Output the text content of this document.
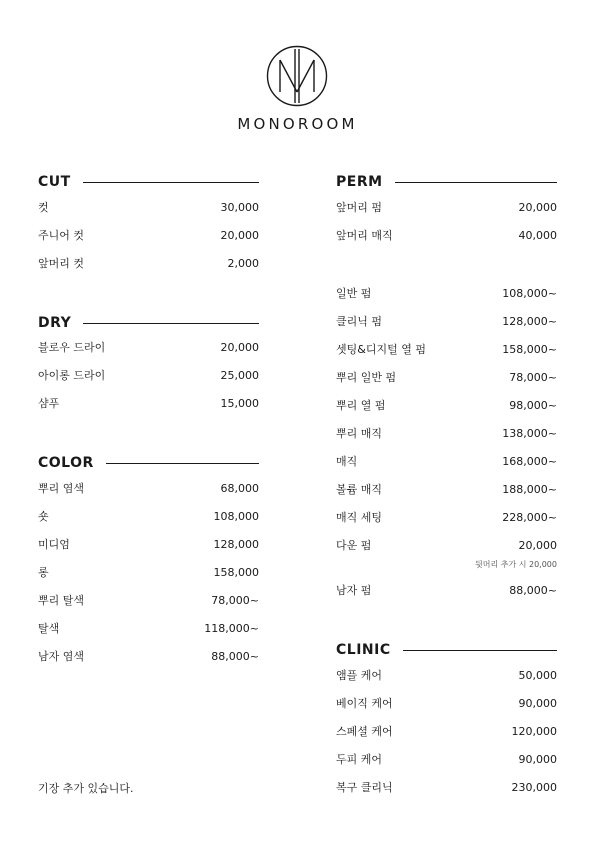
MONOROOM
CUT
컷	30,000
주니어 컷	20,000
앞머리 컷	2,000
DRY
블로우 드라이	20,000
아이롱 드라이	25,000
샴푸	15,000
COLOR
뿌리 염색	68,000
숏	108,000
미디엄	128,000
롱	158,000
뿌리 탈색	78,000~
탈색	118,000~
남자 염색	88,000~
PERM
앞머리 펌	20,000
앞머리 매직	40,000
일반 펌	108,000~
클리닉 펌	128,000~
셋팅&디지털 열 펌	158,000~
뿌리 일반 펌	78,000~
뿌리 열 펌	98,000~
뿌리 매직	138,000~
매직	168,000~
볼륨 매직	188,000~
매직 세팅	228,000~
다운 펌	20,000
뒷머리 추가 시 20,000
남자 펌	88,000~
CLINIC
앰플 케어	50,000
베이직 케어	90,000
스페셜 케어	120,000
두피 케어	90,000
복구 클리닉	230,000
기장 추가 있습니다.
